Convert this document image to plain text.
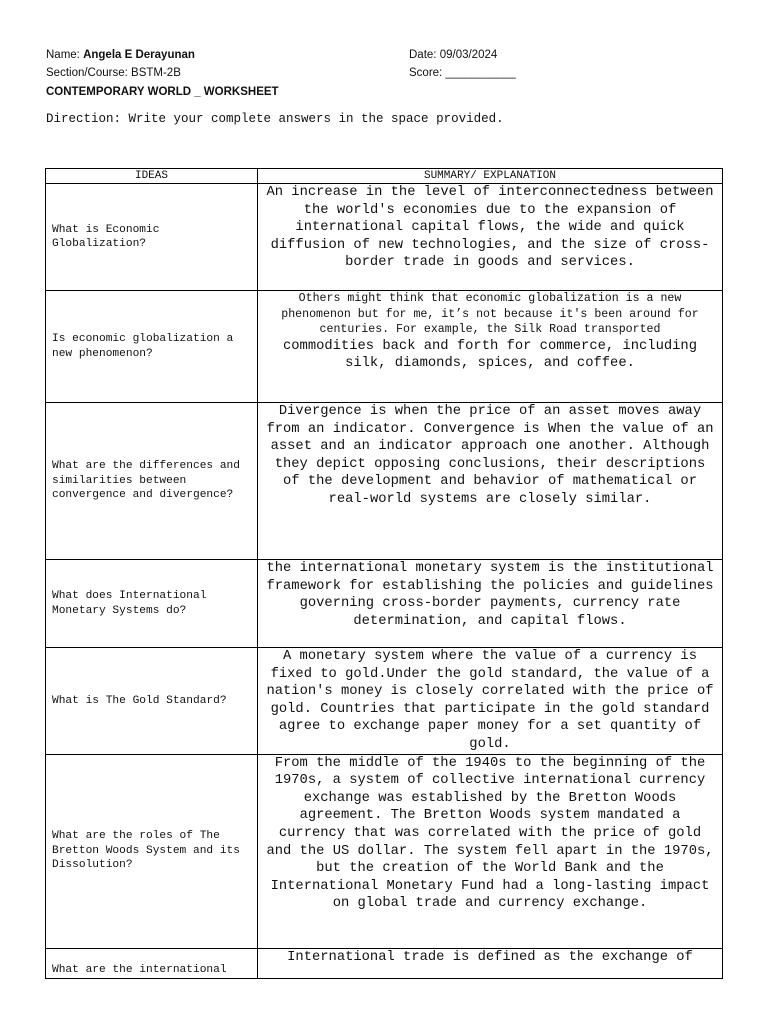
Name: Angela E Derayunan
Section/Course: BSTM-2B
CONTEMPORARY WORLD _ WORKSHEET
Date: 09/03/2024
Score: ___________
Direction: Write your complete answers in the space provided.
IDEAS	SUMMARY/ EXPLANATION
What is Economic Globalization?	An increase in the level of interconnectedness between the world's economies due to the expansion of international capital flows, the wide and quick diffusion of new technologies, and the size of cross-border trade in goods and services.
Is economic globalization a new phenomenon?	Others might think that economic globalization is a new phenomenon but for me, it’s not because it's been around for centuries. For example, the Silk Road transported
commodities back and forth for commerce, including silk, diamonds, spices, and coffee.

What are the differences and similarities between convergence and divergence?	Divergence is when the price of an asset moves away from an indicator. Convergence is When the value of an asset and an indicator approach one another. Although they depict opposing conclusions, their descriptions of the development and behavior of mathematical or real-world systems are closely similar.
What does International Monetary Systems do?	the international monetary system is the institutional framework for establishing the policies and guidelines governing cross-border payments, currency rate determination, and capital flows.
What is The Gold Standard?	A monetary system where the value of a currency is fixed to gold.Under the gold standard, the value of a nation's money is closely correlated with the price of gold. Countries that participate in the gold standard agree to exchange paper money for a set quantity of gold.
What are the roles of The Bretton Woods System and its Dissolution?	From the middle of the 1940s to the beginning of the 1970s, a system of collective international currency exchange was established by the Bretton Woods agreement. The Bretton Woods system mandated a currency that was correlated with the price of gold and the US dollar. The system fell apart in the 1970s, but the creation of the World Bank and the International Monetary Fund had a long-lasting impact on global trade and currency exchange.
What are the international	International trade is defined as the exchange of
